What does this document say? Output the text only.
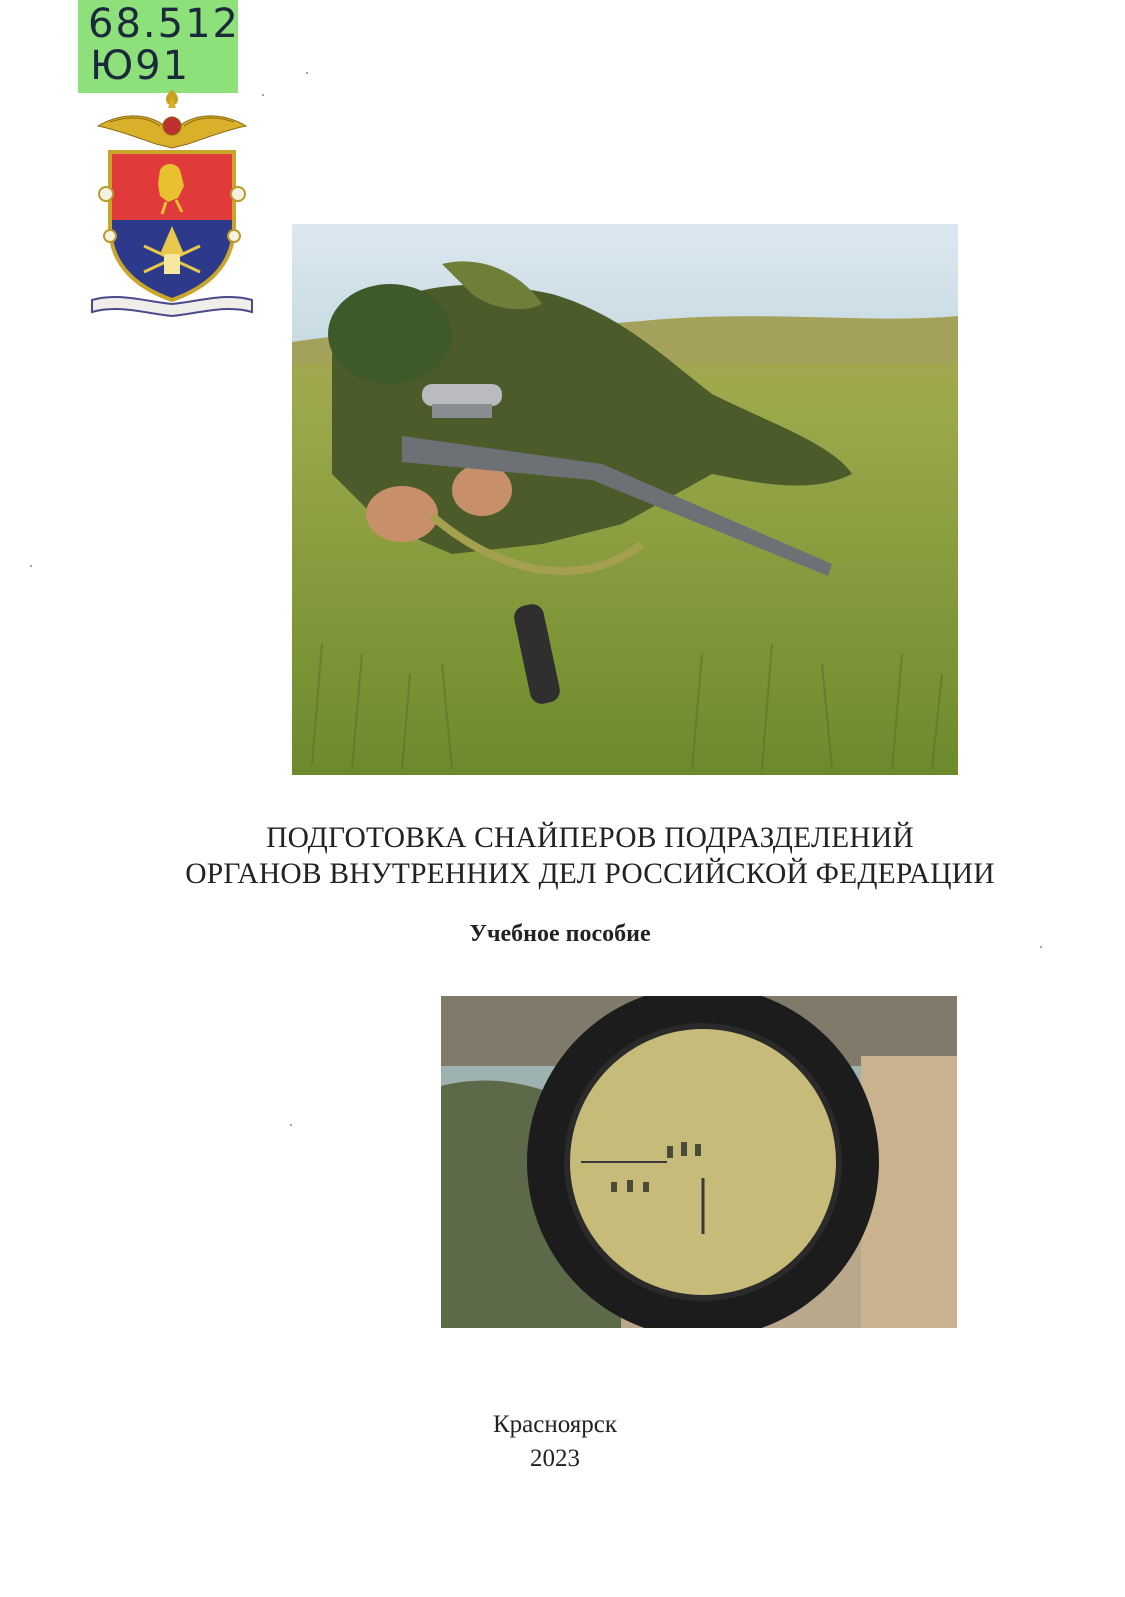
68.512
Ю91
ПОДГОТОВКА СНАЙПЕРОВ ПОДРАЗДЕЛЕНИЙ
ОРГАНОВ ВНУТРЕННИХ ДЕЛ РОССИЙСКОЙ ФЕДЕРАЦИИ
Учебное пособие
Красноярск
2023
